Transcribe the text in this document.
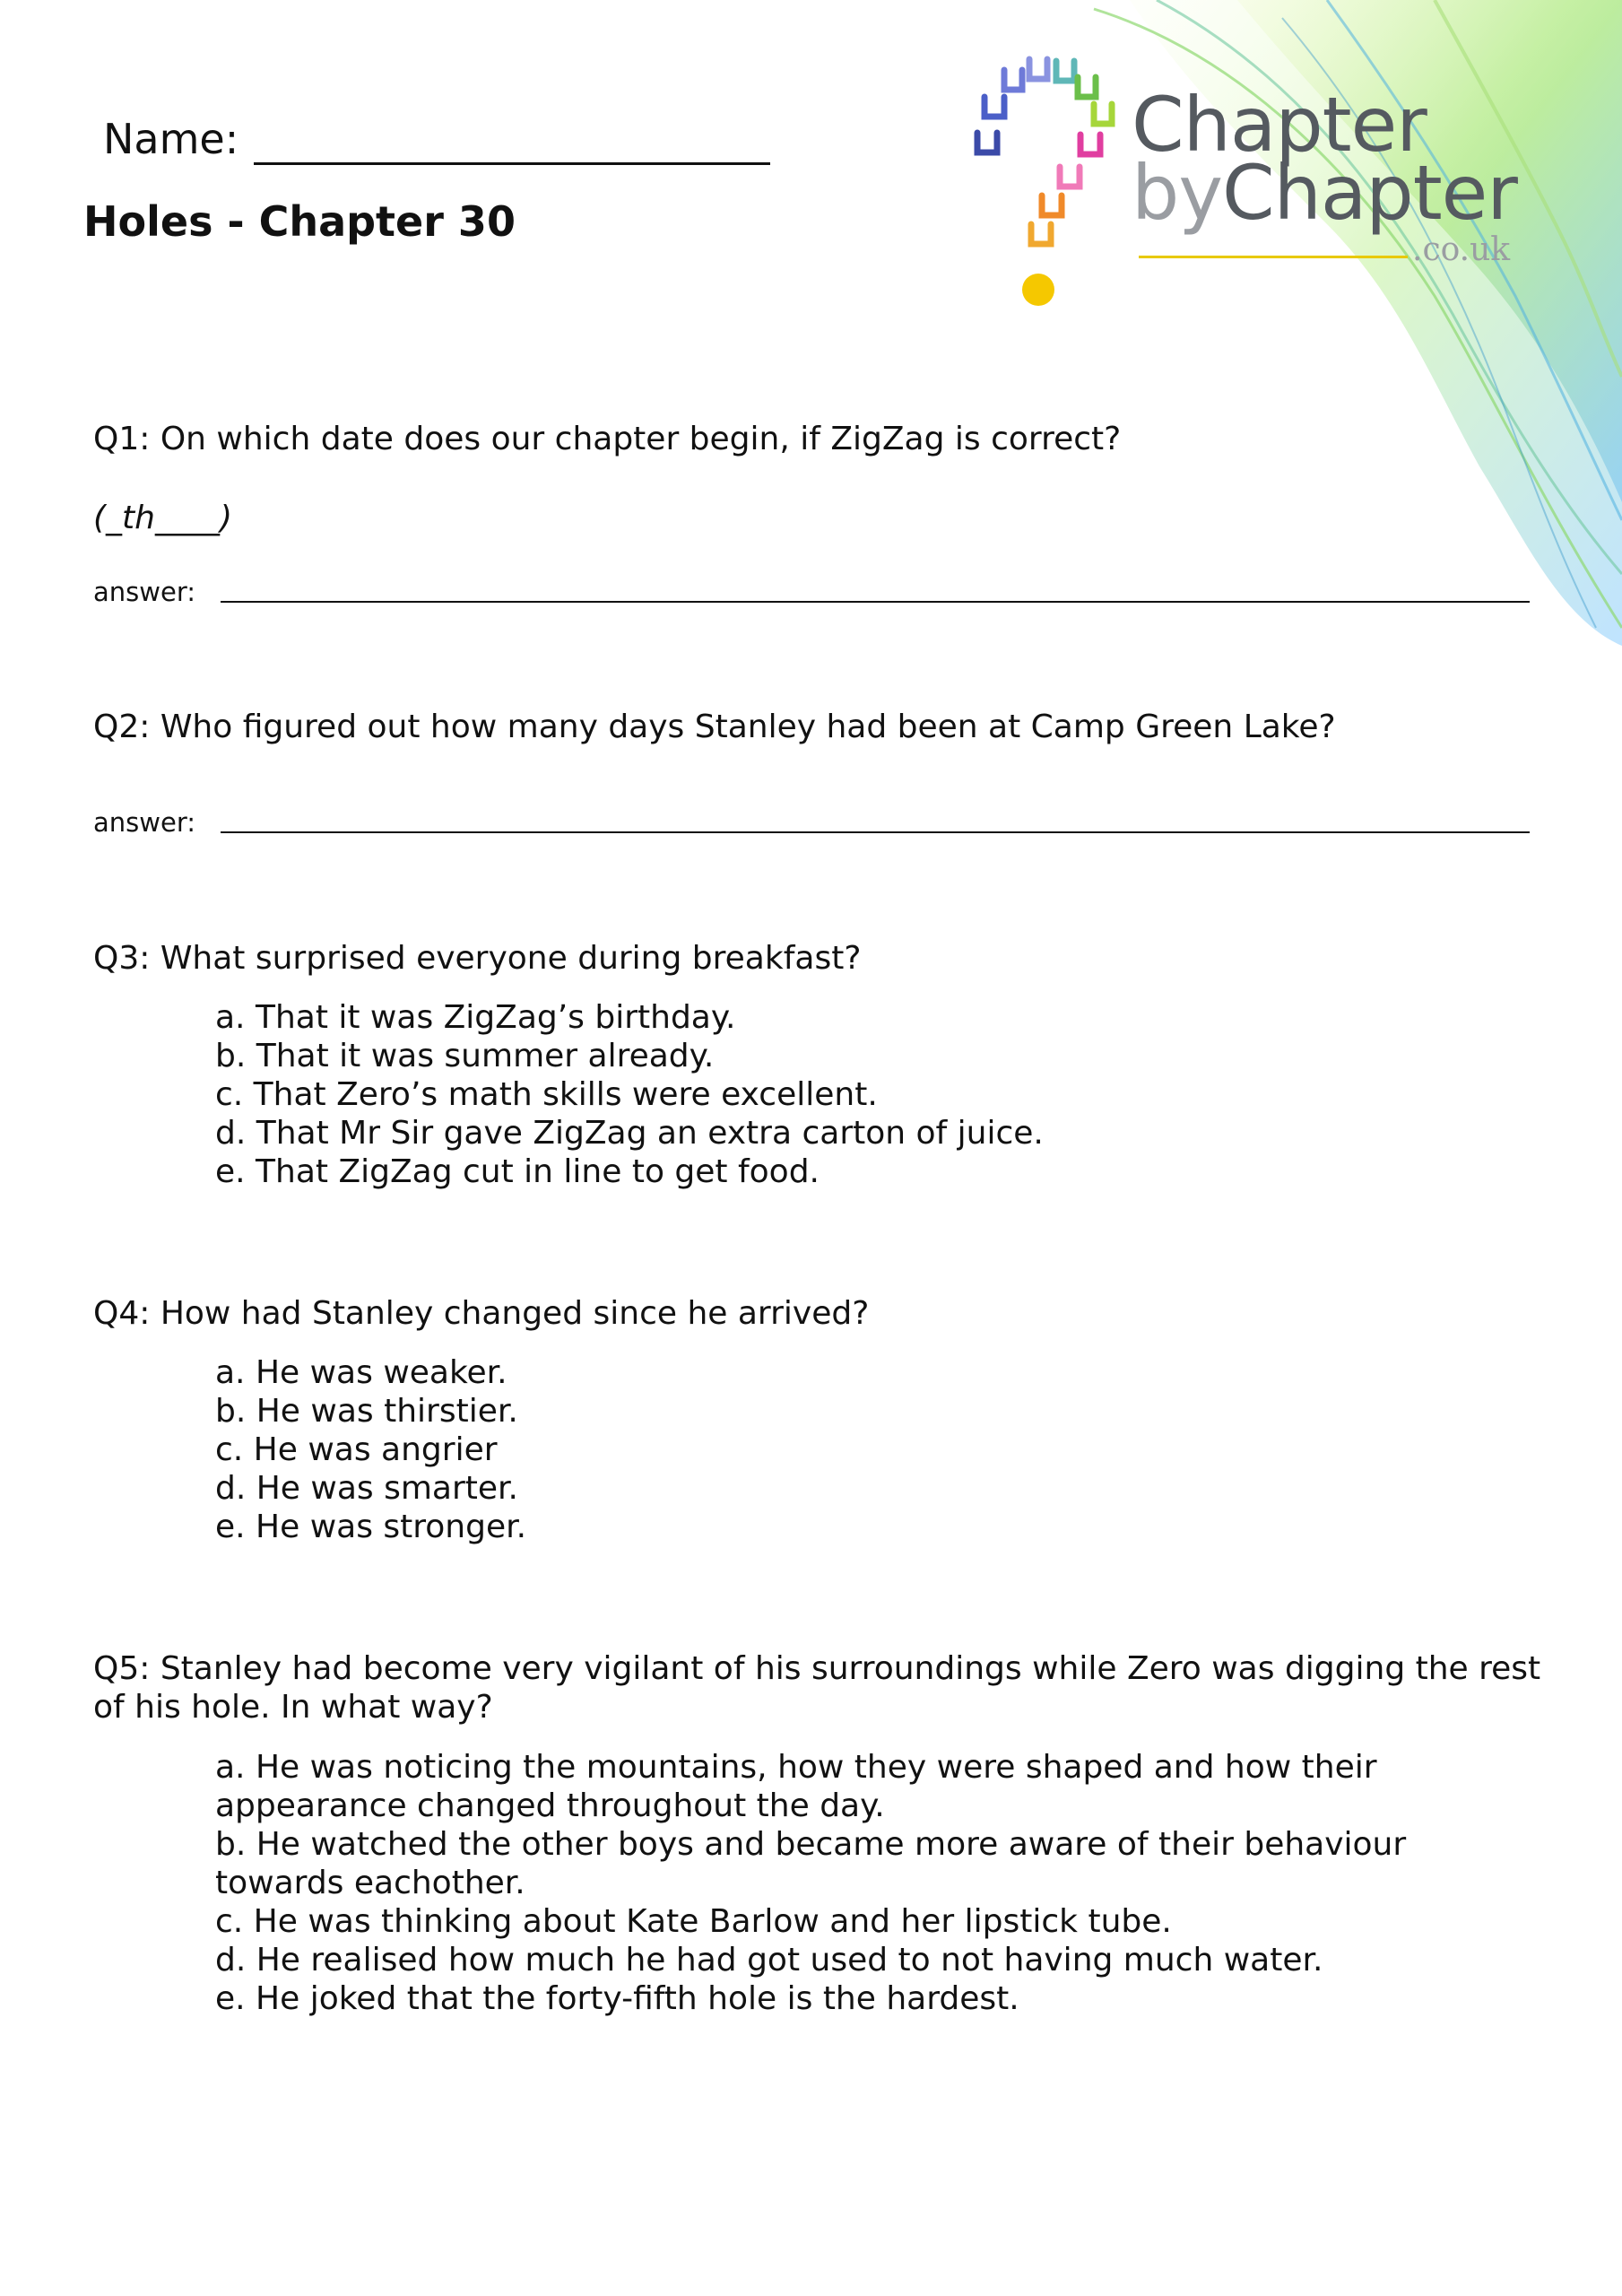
Name:
Holes - Chapter 30
Chapter
byChapter
.co.uk
Q1: On which date does our chapter begin, if ZigZag is correct?
(_th____)
answer:
Q2: Who figured out how many days Stanley had been at Camp Green Lake?
answer:
Q3: What surprised everyone during breakfast?
a. That it was ZigZag’s birthday.
b. That it was summer already.
c. That Zero’s math skills were excellent.
d. That Mr Sir gave ZigZag an extra carton of juice.
e. That ZigZag cut in line to get food.
Q4: How had Stanley changed since he arrived?
a. He was weaker.
b. He was thirstier.
c. He was angrier
d. He was smarter.
e. He was stronger.
Q5: Stanley had become very vigilant of his surroundings while Zero was digging the rest of his hole. In what way?
a. He was noticing the mountains, how they were shaped and how their appearance changed throughout the day.
b. He watched the other boys and became more aware of their behaviour towards eachother.
c. He was thinking about Kate Barlow and her lipstick tube.
d. He realised how much he had got used to not having much water.
e. He joked that the forty-fifth hole is the hardest.
